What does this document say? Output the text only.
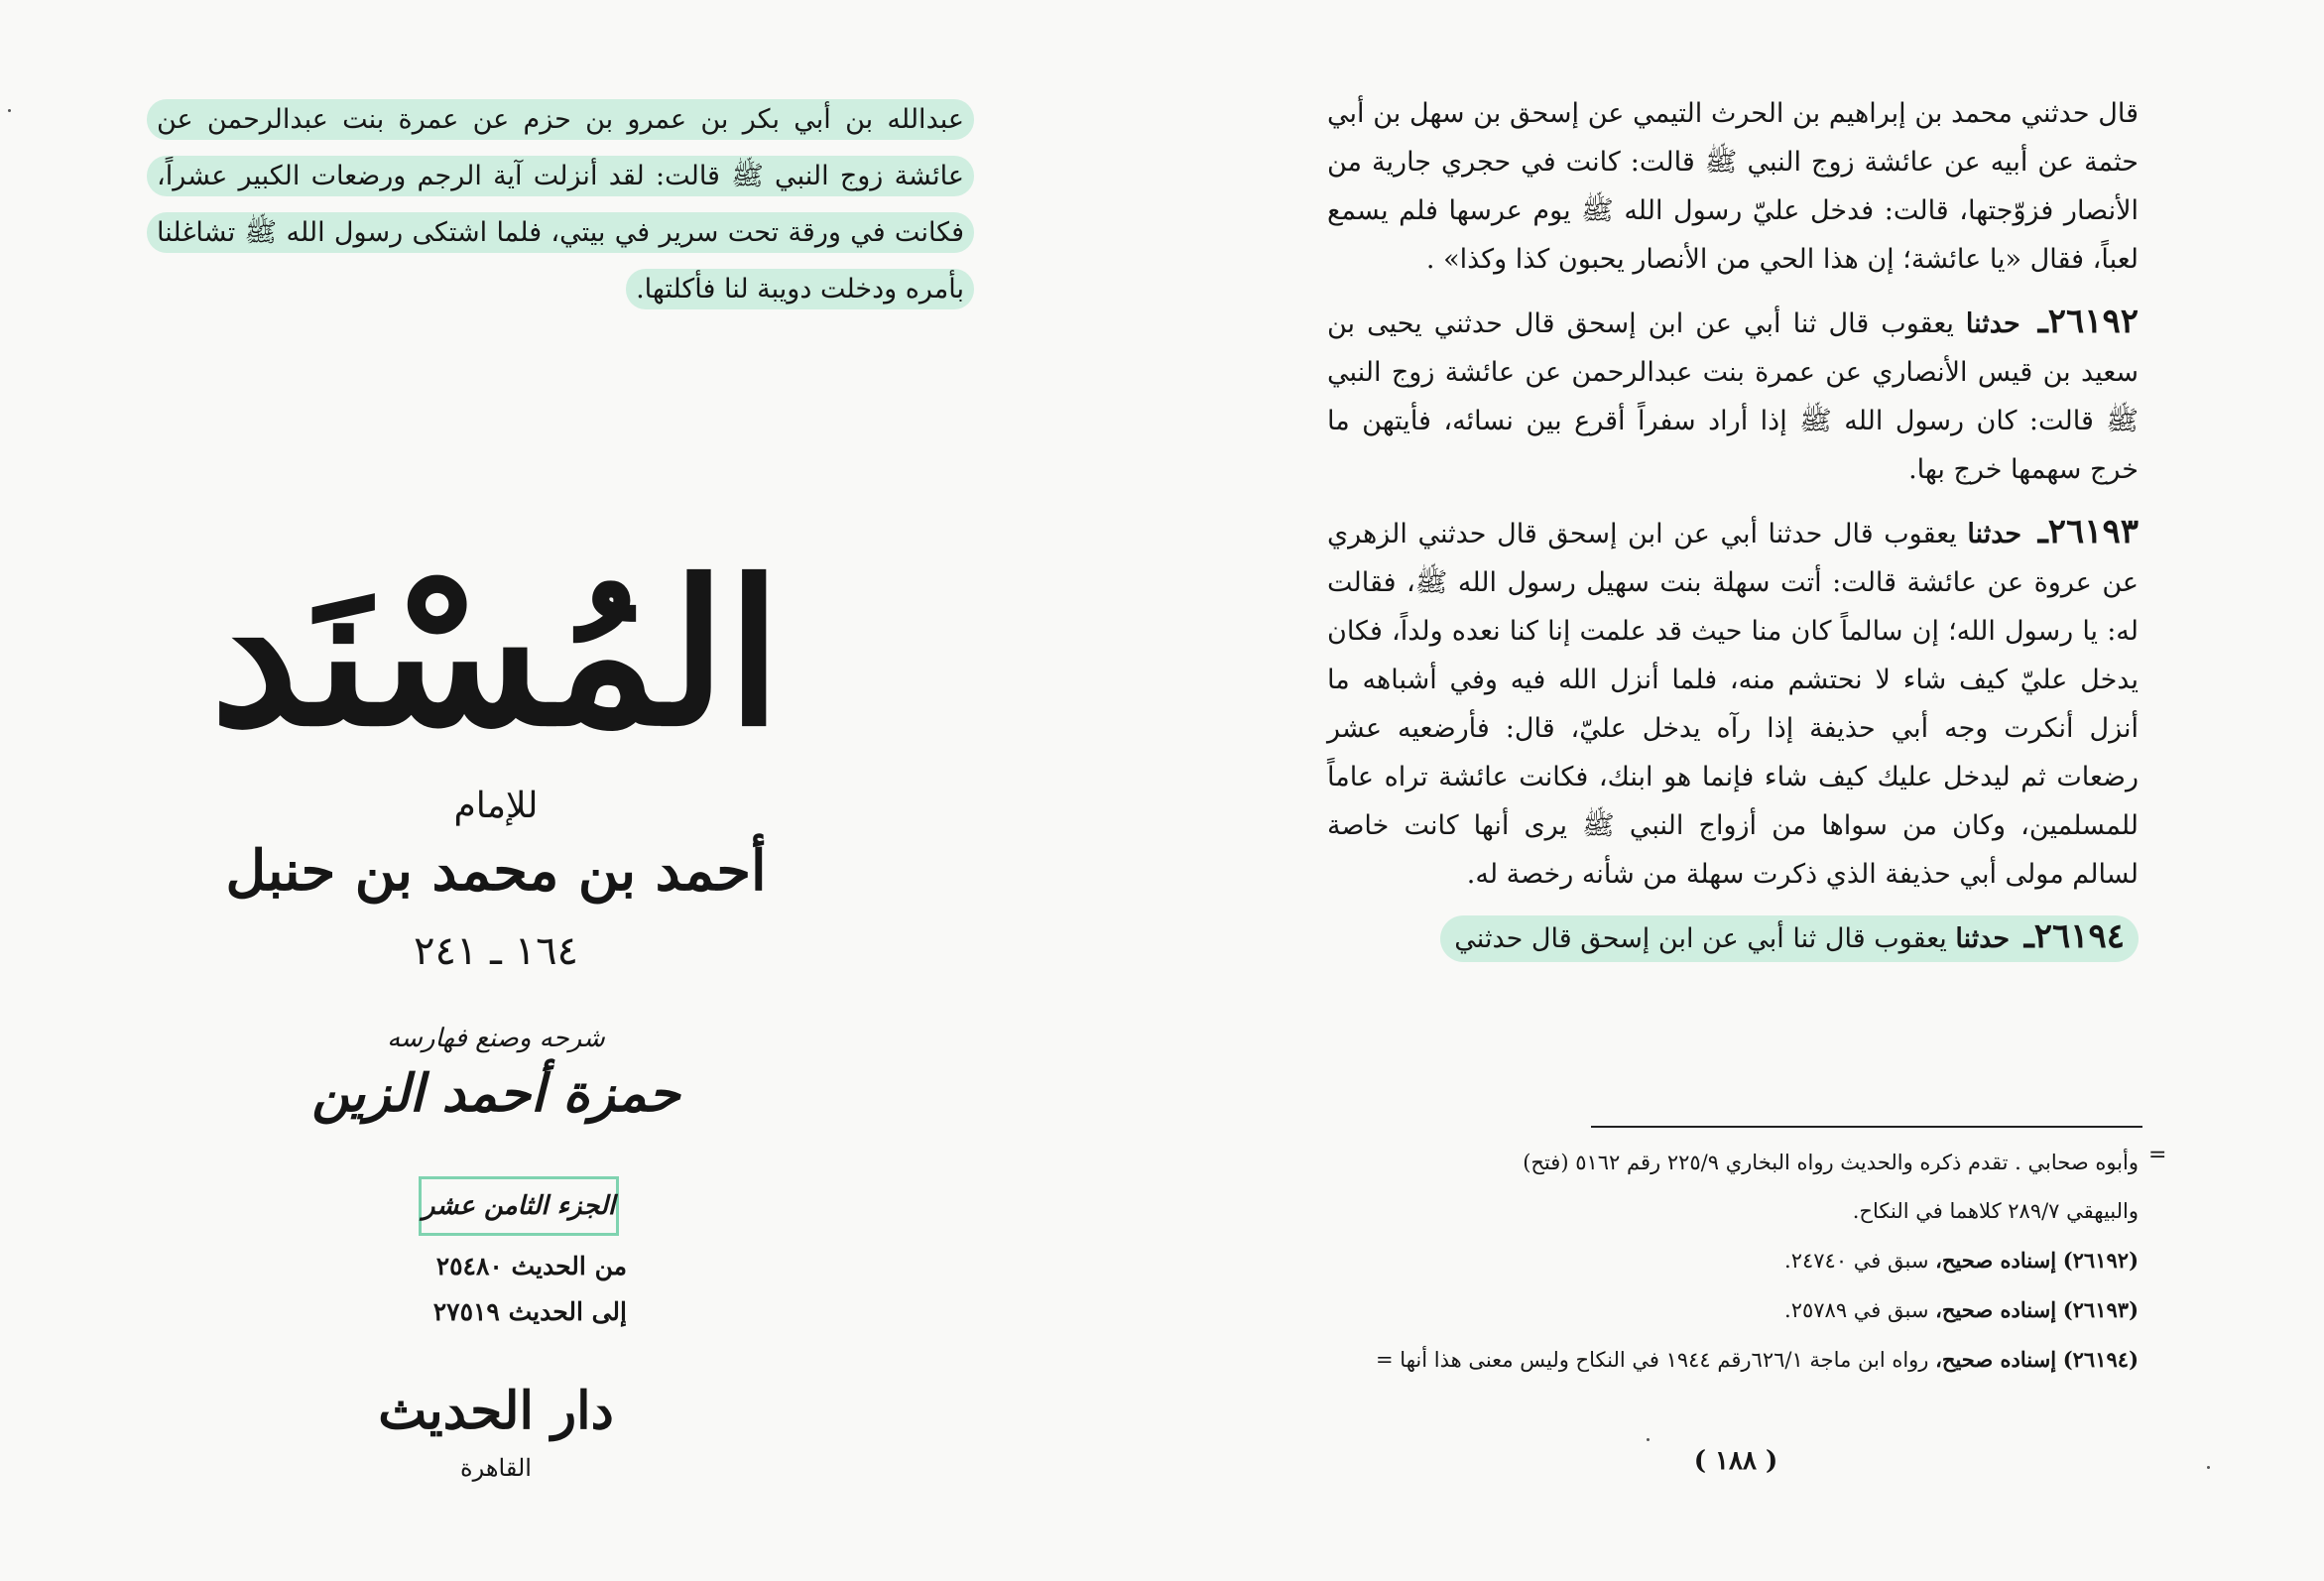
عبدالله بن أبي بكر بن عمرو بن حزم عن عمرة بنت عبدالرحمن عن
عائشة زوج النبي ﷺ قالت: لقد أنزلت آية الرجم ورضعات الكبير عشراً،
فكانت في ورقة تحت سرير في بيتي، فلما اشتكى رسول الله ﷺ تشاغلنا
بأمره ودخلت دويبة لنا فأكلتها.
المُسْنَد
للإمام
أحمد بن محمد بن حنبل
١٦٤ ـ ٢٤١
شرحه وصنع فهارسه
حمزة أحمد الزين
الجزء الثامن عشر
من الحديث ٢٥٤٨٠
إلى الحديث ٢٧٥١٩
دار الحديث
القاهرة

قال حدثني محمد بن إبراهيم بن الحرث التيمي عن إسحق بن سهل بن أبي حثمة عن أبيه عن عائشة زوج النبي ﷺ قالت: كانت في حجري جارية من الأنصار فزوّجتها، قالت: فدخل عليّ رسول الله ﷺ يوم عرسها فلم يسمع لعباً، فقال «يا عائشة؛ إن هذا الحي من الأنصار يحبون كذا وكذا» .

٢٦١٩٢ـ حدثنا يعقوب قال ثنا أبي عن ابن إسحق قال حدثني يحيى بن سعيد بن قيس الأنصاري عن عمرة بنت عبدالرحمن عن عائشة زوج النبي ﷺ قالت: كان رسول الله ﷺ إذا أراد سفراً أقرع بين نسائه، فأيتهن ما خرج سهمها خرج بها.

٢٦١٩٣ـ حدثنا يعقوب قال حدثنا أبي عن ابن إسحق قال حدثني الزهري عن عروة عن عائشة قالت: أتت سهلة بنت سهيل رسول الله ﷺ، فقالت له: يا رسول الله؛ إن سالماً كان منا حيث قد علمت إنا كنا نعده ولداً، فكان يدخل عليّ كيف شاء لا نحتشم منه، فلما أنزل الله فيه وفي أشباهه ما أنزل أنكرت وجه أبي حذيفة إذا رآه يدخل عليّ، قال: فأرضعيه عشر رضعات ثم ليدخل عليك كيف شاء فإنما هو ابنك، فكانت عائشة تراه عاماً للمسلمين، وكان من سواها من أزواج النبي ﷺ يرى أنها كانت خاصة لسالم مولى أبي حذيفة الذي ذكرت سهلة من شأنه رخصة له.

٢٦١٩٤ـ حدثنا يعقوب قال ثنا أبي عن ابن إسحق قال حدثني

=
وأبوه صحابي . تقدم ذكره والحديث رواه البخاري ٢٢٥/٩ رقم ٥١٦٢ (فتح)
والبيهقي ٢٨٩/٧ كلاهما في النكاح.
(٢٦١٩٢) إسناده صحيح، سبق في ٢٤٧٤٠.
(٢٦١٩٣) إسناده صحيح، سبق في ٢٥٧٨٩.
(٢٦١٩٤) إسناده صحيح، رواه ابن ماجة ٦٢٦/١رقم ١٩٤٤ في النكاح وليس معنى هذا أنها =
( ١٨٨ )
